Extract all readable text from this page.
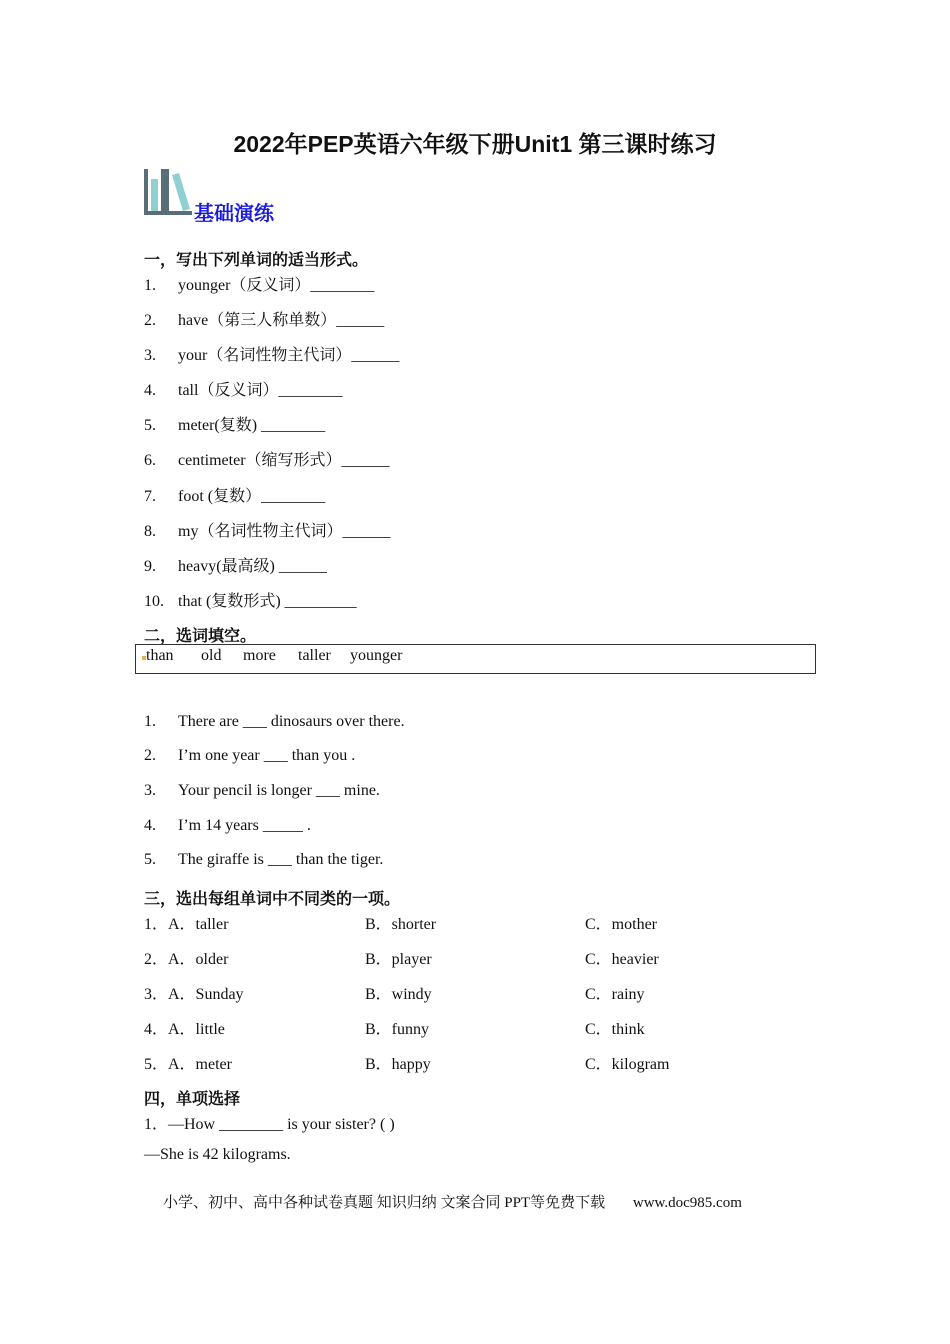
2022年PEP英语六年级下册Unit1 第三课时练习
基础演练
一，写出下列单词的适当形式。
1. younger（反义词）________
2. have（第三人称单数）______
3. your（名词性物主代词）______
4. tall（反义词）________
5. meter(复数) ________
6. centimeter（缩写形式）______
7. foot (复数）________
8. my（名词性物主代词）______
9. heavy(最高级) ______
10. that (复数形式) _________
二，选词填空。
than old more taller younger
1. There are ___ dinosaurs over there.
2. I’m one year ___ than you .
3. Your pencil is longer ___ mine.
4. I’m 14 years _____ .
5. The giraffe is ___ than the tiger.
三，选出每组单词中不同类的一项。
1． A．taller	B．shorter	C．mother
2． A．older	B．player	C．heavier
3． A．Sunday	B．windy	C．rainy
4． A．little	B．funny	C．think
5． A．meter	B．happy	C．kilogram
四，单项选择
1．—How ________ is your sister? ( )
—She is 42 kilograms.
小学、初中、高中各种试卷真题 知识归纳 文案合同 PPT等免费下载 www.doc985.com
